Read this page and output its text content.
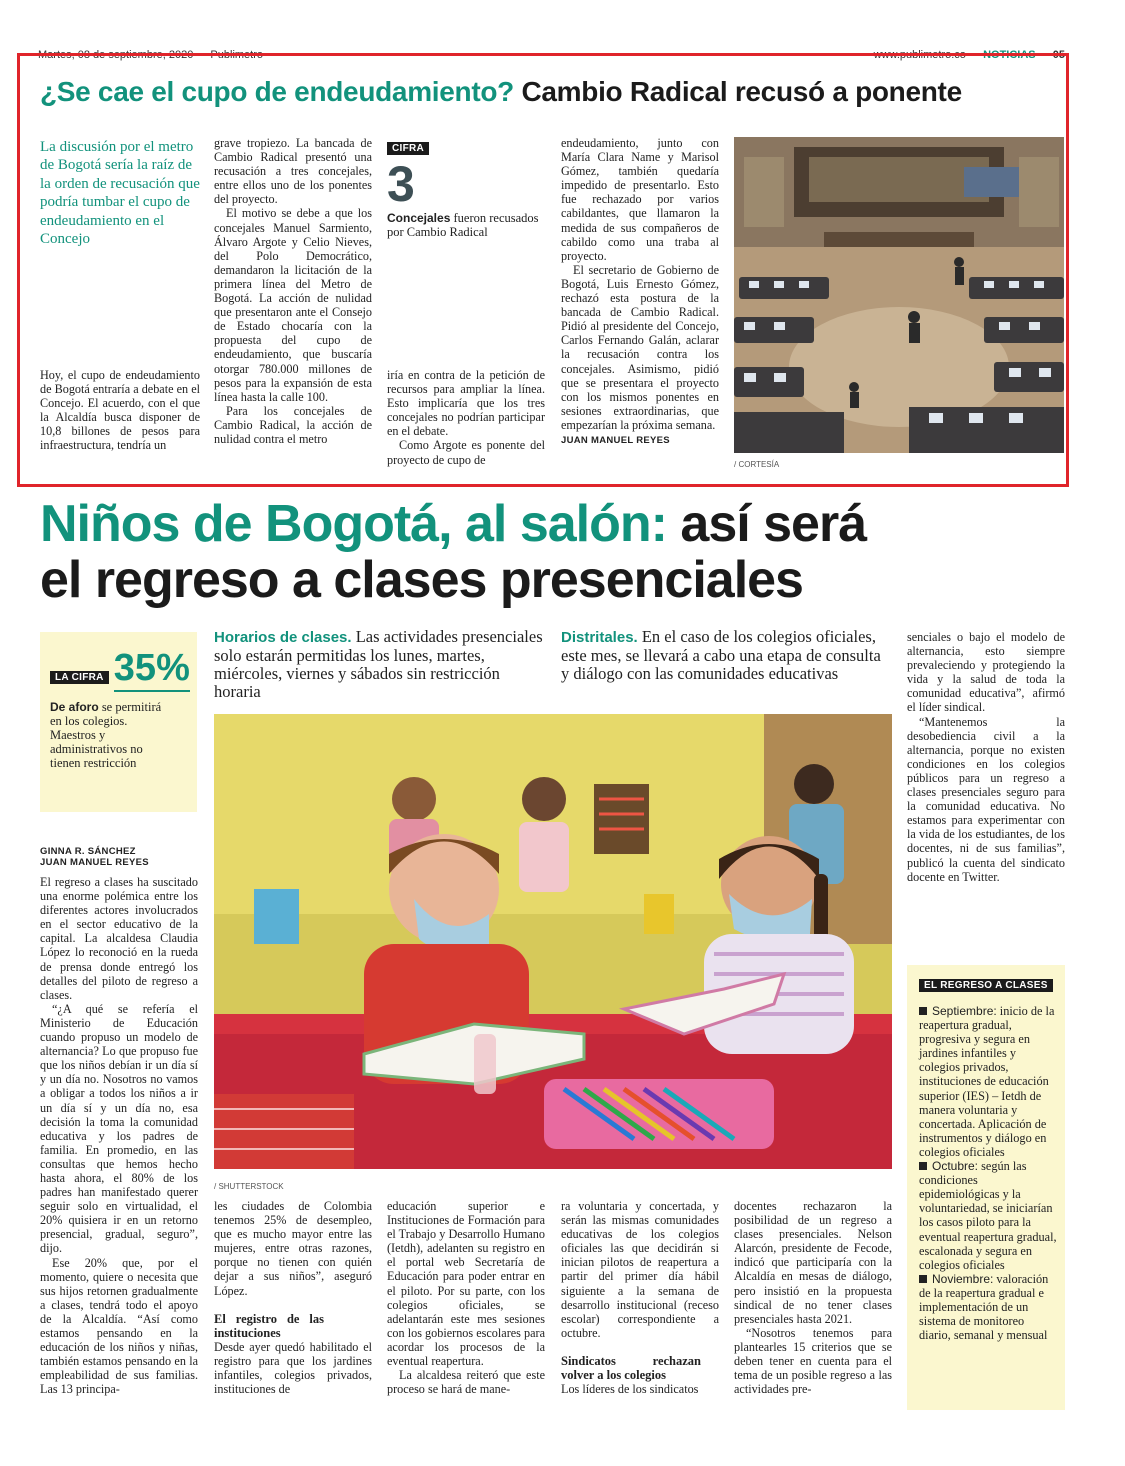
Martes, 08 de septiembre, 2020 — Publimetro	www.publimetro.co — NOTICIAS — 05
¿Se cae el cupo de endeudamiento? Cambio Radical recusó a ponente
La discusión por el metro de Bogotá sería la raíz de la orden de recusación que podría tumbar el cupo de endeudamiento en el Concejo

Hoy, el cupo de endeudamiento de Bogotá entraría a debate en el Concejo. El acuerdo, con el que la Alcaldía busca disponer de 10,8 billones de pesos para infraestructura, tendría un

grave tropiezo. La bancada de Cambio Radical presentó una recusación a tres concejales, entre ellos uno de los ponentes del proyecto.

El motivo se debe a que los concejales Manuel Sarmiento, Álvaro Argote y Celio Nieves, del Polo Democrático, demandaron la licitación de la primera línea del Metro de Bogotá. La acción de nulidad que presentaron ante el Consejo de Estado chocaría con la propuesta del cupo de endeudamiento, que buscaría otorgar 780.000 millones de pesos para la expansión de esta línea hasta la calle 100.

Para los concejales de Cambio Radical, la acción de nulidad contra el metro

CIFRA
3
Concejales fueron recusados por Cambio Radical

iría en contra de la petición de recursos para ampliar la línea. Esto implicaría que los tres concejales no podrían participar en el debate.

Como Argote es ponente del proyecto de cupo de

endeudamiento, junto con María Clara Name y Marisol Gómez, también quedaría impedido de presentarlo. Esto fue rechazado por varios cabildantes, que llamaron la medida de sus compañeros de cabildo como una traba al proyecto.

El secretario de Gobierno de Bogotá, Luis Ernesto Gómez, rechazó esta postura de la bancada de Cambio Radical. Pidió al presidente del Concejo, Carlos Fernando Galán, aclarar la recusación contra los concejales. Asimismo, pidió que se presentara el proyecto con los mismos ponentes en sesiones extraordinarias, que empezarían la próxima semana.

JUAN MANUEL REYES
/ CORTESÍA
Niños de Bogotá, al salón: así será
el regreso a clases presenciales
LA CIFRA 35%
De aforo se permitirá en los colegios. Maestros y administrativos no tienen restricción
Horarios de clases. Las actividades presenciales solo estarán permitidas los lunes, martes, miércoles, viernes y sábados sin restricción horaria
Distritales. En el caso de los colegios oficiales, este mes, se llevará a cabo una etapa de consulta y diálogo con las comunidades educativas
/ SHUTTERSTOCK
GINNA R. SÁNCHEZ
JUAN MANUEL REYES

El regreso a clases ha suscitado una enorme polémica entre los diferentes actores involucrados en el sector educativo de la capital. La alcaldesa Claudia López lo reconoció en la rueda de prensa donde entregó los detalles del piloto de regreso a clases.

“¿A qué se refería el Ministerio de Educación cuando propuso un modelo de alternancia? Lo que propuso fue que los niños debían ir un día sí y un día no. Nosotros no vamos a obligar a todos los niños a ir un día sí y un día no, esa decisión la toma la comunidad educativa y los padres de familia. En promedio, en las consultas que hemos hecho hasta ahora, el 80% de los padres han manifestado querer seguir solo en virtualidad, el 20% quisiera ir en un retorno presencial, gradual, seguro”, dijo.

Ese 20% que, por el momento, quiere o necesita que sus hijos retornen gradualmente a clases, tendrá todo el apoyo de la Alcaldía. “Así como estamos pensando en la educación de los niños y niñas, también estamos pensando en la empleabilidad de sus familias. Las 13 principa-

les ciudades de Colombia tenemos 25% de desempleo, que es mucho mayor entre las mujeres, entre otras razones, porque no tienen con quién dejar a sus niños”, aseguró López.

El registro de las instituciones

Desde ayer quedó habilitado el registro para que los jardines infantiles, colegios privados, instituciones de

educación superior e Instituciones de Formación para el Trabajo y Desarrollo Humano (Ietdh), adelanten su registro en el portal web Secretaría de Educación para poder entrar en el piloto. Por su parte, con los colegios oficiales, se adelantarán este mes sesiones con los gobiernos escolares para acordar los procesos de la eventual reapertura.

La alcaldesa reiteró que este proceso se hará de mane-

ra voluntaria y concertada, y serán las mismas comunidades educativas de los colegios oficiales las que decidirán si inician pilotos de reapertura a partir del primer día hábil siguiente a la semana de desarrollo institucional (receso escolar) correspondiente a octubre.

Sindicatos rechazan volver a los colegios

Los líderes de los sindicatos

docentes rechazaron la posibilidad de un regreso a clases presenciales. Nelson Alarcón, presidente de Fecode, indicó que participaría con la Alcaldía en mesas de diálogo, pero insistió en la propuesta sindical de no tener clases presenciales hasta 2021.

“Nosotros tenemos para plantearles 15 criterios que se deben tener en cuenta para el tema de un posible regreso a las actividades pre-

senciales o bajo el modelo de alternancia, esto siempre prevaleciendo y protegiendo la vida y la salud de toda la comunidad educativa”, afirmó el líder sindical.

“Mantenemos la desobediencia civil a la alternancia, porque no existen condiciones en los colegios públicos para un regreso a clases presenciales seguro para la comunidad educativa. No estamos para experimentar con la vida de los estudiantes, de los docentes, ni de sus familias”, publicó la cuenta del sindicato docente en Twitter.

EL REGRESO A CLASES
Septiembre: inicio de la reapertura gradual, progresiva y segura en jardines infantiles y colegios privados, instituciones de educación superior (IES) – Ietdh de manera voluntaria y concertada. Aplicación de instrumentos y diálogo en colegios oficiales
Octubre: según las condiciones epidemiológicas y la voluntariedad, se iniciarían los casos piloto para la eventual reapertura gradual, escalonada y segura en colegios oficiales
Noviembre: valoración de la reapertura gradual e implementación de un sistema de monitoreo diario, semanal y mensual
